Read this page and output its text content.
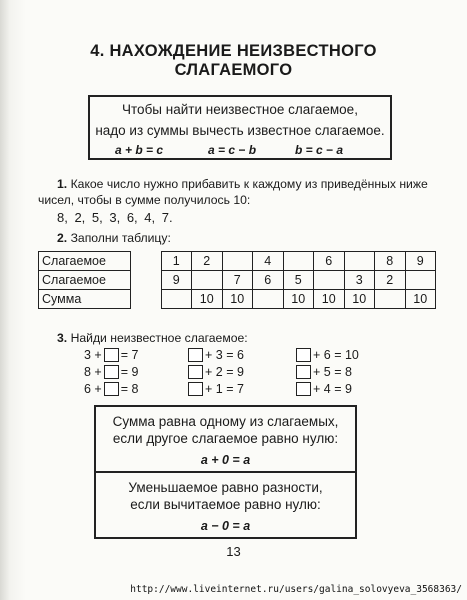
4. НАХОЖДЕНИЕ НЕИЗВЕСТНОГО
СЛАГАЕМОГО
Чтобы найти неизвестное слагаемое,
надо из суммы вычесть известное слагаемое.
a + b = c	a = c − b	b = c − a
1. Какое число нужно прибавить к каждому из приведённых ниже
чисел, чтобы в сумме получилось 10:
8, 2, 5, 3, 6, 4, 7.
2. Заполни таблицу:
Слагаемое		1	2		4		6		8	9
Слагаемое		9		7	6	5		3	2	
Сумма			10	10		10	10	10		10
3. Найди неизвестное слагаемое:
3 + = 7
8 + = 9
6 + = 8
+ 3 = 6
+ 2 = 9
+ 1 = 7
+ 6 = 10
+ 5 = 8
+ 4 = 9
Сумма равна одному из слагаемых,
если другое слагаемое равно нулю:
a + 0 = a
Уменьшаемое равно разности,
если вычитаемое равно нулю:
a − 0 = a
13
http://www.liveinternet.ru/users/galina_solovyeva_3568363/
